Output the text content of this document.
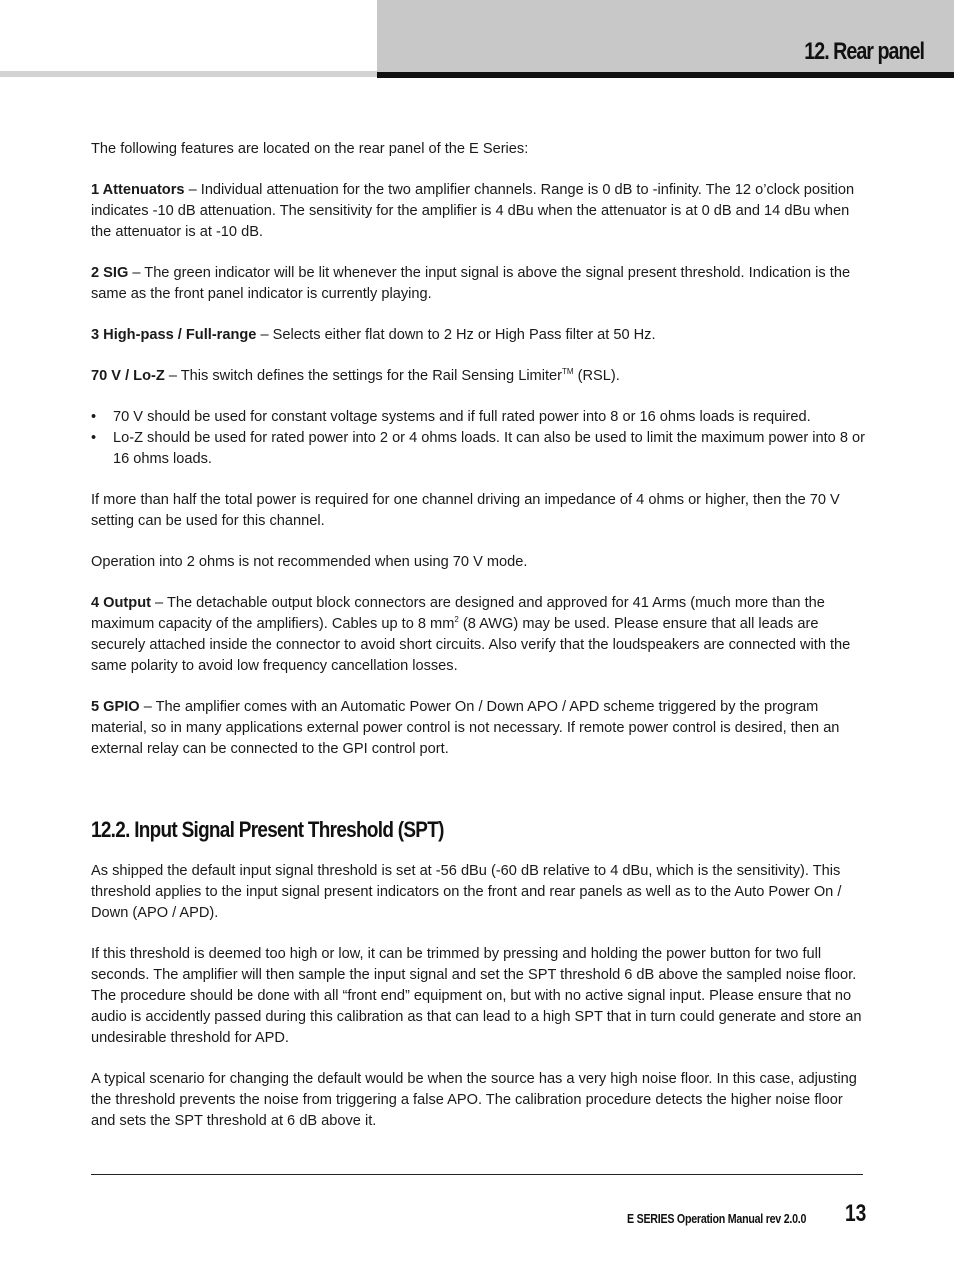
12. Rear panel

The following features are located on the rear panel of the E Series:

1 Attenuators – Individual attenuation for the two amplifier channels. Range is 0 dB to -infinity. The 12 o’clock position indicates -10 dB attenuation. The sensitivity for the amplifier is 4 dBu when the attenuator is at 0 dB and 14 dBu when the attenuator is at -10 dB.

2 SIG – The green indicator will be lit whenever the input signal is above the signal present threshold. Indication is the same as the front panel indicator is currently playing.

3 High-pass / Full-range – Selects either flat down to 2 Hz or High Pass filter at 50 Hz.

70 V / Lo-Z – This switch defines the settings for the Rail Sensing Limiter™ (RSL).

• 70 V should be used for constant voltage systems and if full rated power into 8 or 16 ohms loads is required.
• Lo-Z should be used for rated power into 2 or 4 ohms loads. It can also be used to limit the maximum power into 8 or 16 ohms loads.

If more than half the total power is required for one channel driving an impedance of 4 ohms or higher, then the 70 V setting can be used for this channel.

Operation into 2 ohms is not recommended when using 70 V mode.

4 Output – The detachable output block connectors are designed and approved for 41 Arms (much more than the maximum capacity of the amplifiers). Cables up to 8 $mm^2$ (8 AWG) may be used. Please ensure that all leads are securely attached inside the connector to avoid short circuits. Also verify that the loudspeakers are connected with the same polarity to avoid low frequency cancellation losses.

5 GPIO – The amplifier comes with an Automatic Power On / Down APO / APD scheme triggered by the program material, so in many applications external power control is not necessary. If remote power control is desired, then an external relay can be connected to the GPI control port.

12.2. Input Signal Present Threshold (SPT)

As shipped the default input signal threshold is set at -56 dBu (-60 dB relative to 4 dBu, which is the sensitivity). This threshold applies to the input signal present indicators on the front and rear panels as well as to the Auto Power On / Down (APO / APD).

If this threshold is deemed too high or low, it can be trimmed by pressing and holding the power button for two full seconds. The amplifier will then sample the input signal and set the SPT threshold 6 dB above the sampled noise floor. The procedure should be done with all “front end” equipment on, but with no active signal input. Please ensure that no audio is accidently passed during this calibration as that can lead to a high SPT that in turn could generate and store an undesirable threshold for APD.

A typical scenario for changing the default would be when the source has a very high noise floor. In this case, adjusting the threshold prevents the noise from triggering a false APO. The calibration procedure detects the higher noise floor and sets the SPT threshold at 6 dB above it.

E SERIES Operation Manual rev 2.0.0 13
